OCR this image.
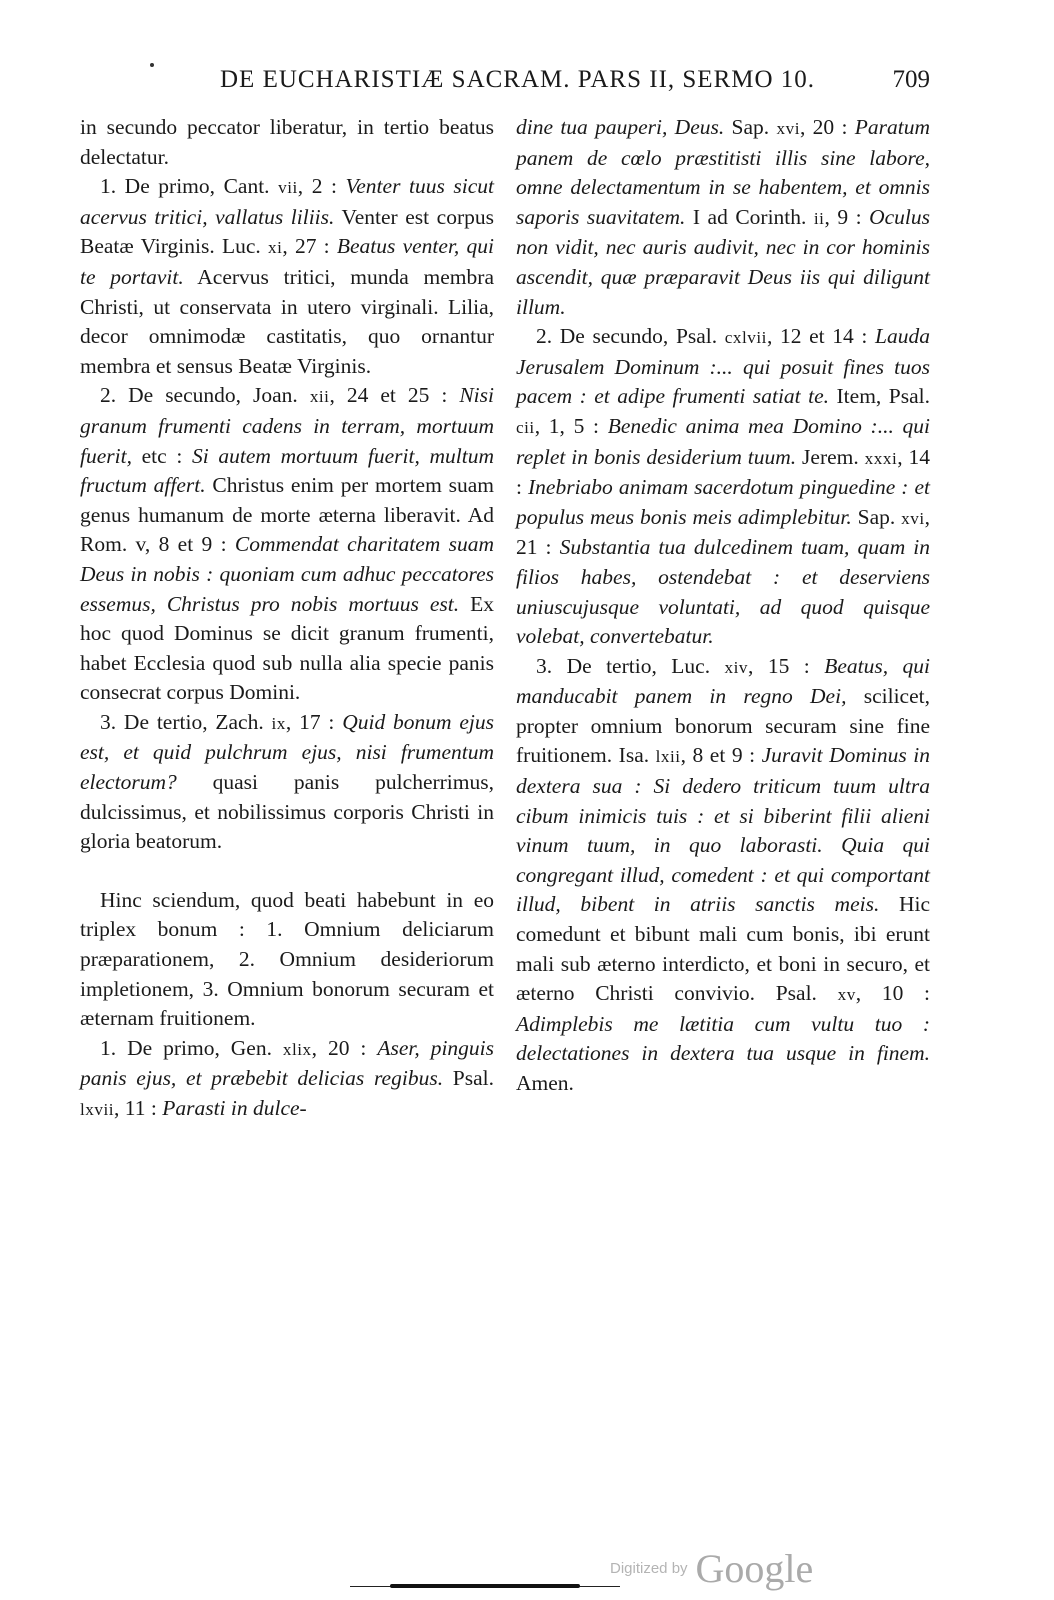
DE EUCHARISTIÆ SACRAM. PARS II, SERMO 10.	709

in secundo peccator liberatur, in tertio beatus delectatur.

1. De primo, Cant. vii, 2 : Venter tuus sicut acervus tritici, vallatus liliis. Venter est corpus Beatæ Virginis. Luc. xi, 27 : Beatus venter, qui te portavit. Acervus tritici, munda membra Christi, ut conservata in utero virginali. Lilia, decor omnimodæ castitatis, quo ornantur membra et sensus Beatæ Virginis.

2. De secundo, Joan. xii, 24 et 25 : Nisi granum frumenti cadens in terram, mortuum fuerit, etc : Si autem mortuum fuerit, multum fructum affert. Christus enim per mortem suam genus humanum de morte æterna liberavit. Ad Rom. v, 8 et 9 : Commendat charitatem suam Deus in nobis : quoniam cum adhuc peccatores essemus, Christus pro nobis mortuus est. Ex hoc quod Dominus se dicit granum frumenti, habet Ecclesia quod sub nulla alia specie panis consecrat corpus Domini.

3. De tertio, Zach. ix, 17 : Quid bonum ejus est, et quid pulchrum ejus, nisi frumentum electorum? quasi panis pulcherrimus, dulcissimus, et nobilissimus corporis Christi in gloria beatorum.

Hinc sciendum, quod beati habebunt in eo triplex bonum : 1. Omnium deliciarum præparationem, 2. Omnium desideriorum impletionem, 3. Omnium bonorum securam et æternam fruitionem.

1. De primo, Gen. xlix, 20 : Aser, pinguis panis ejus, et præbebit delicias regibus. Psal. lxvii, 11 : Parasti in dulce-

dine tua pauperi, Deus. Sap. xvi, 20 : Paratum panem de cœlo præstitisti illis sine labore, omne delectamentum in se habentem, et omnis saporis suavitatem. I ad Corinth. ii, 9 : Oculus non vidit, nec auris audivit, nec in cor hominis ascendit, quæ præparavit Deus iis qui diligunt illum.

2. De secundo, Psal. cxlvii, 12 et 14 : Lauda Jerusalem Dominum :... qui posuit fines tuos pacem : et adipe frumenti satiat te. Item, Psal. cii, 1, 5 : Benedic anima mea Domino :... qui replet in bonis desiderium tuum. Jerem. xxxi, 14 : Inebriabo animam sacerdotum pinguedine : et populus meus bonis meis adimplebitur. Sap. xvi, 21 : Substantia tua dulcedinem tuam, quam in filios habes, ostendebat : et deserviens uniuscujusque voluntati, ad quod quisque volebat, convertebatur.

3. De tertio, Luc. xiv, 15 : Beatus, qui manducabit panem in regno Dei, scilicet, propter omnium bonorum securam sine fine fruitionem. Isa. lxii, 8 et 9 : Juravit Dominus in dextera sua : Si dedero triticum tuum ultra cibum inimicis tuis : et si biberint filii alieni vinum tuum, in quo laborasti. Quia qui congregant illud, comedent : et qui comportant illud, bibent in atriis sanctis meis. Hic comedunt et bibunt mali cum bonis, ibi erunt mali sub æterno interdicto, et boni in securo, et æterno Christi convivio. Psal. xv, 10 : Adimplebis me lætitia cum vultu tuo : delectationes in dextera tua usque in finem. Amen.

Digitized by Google
